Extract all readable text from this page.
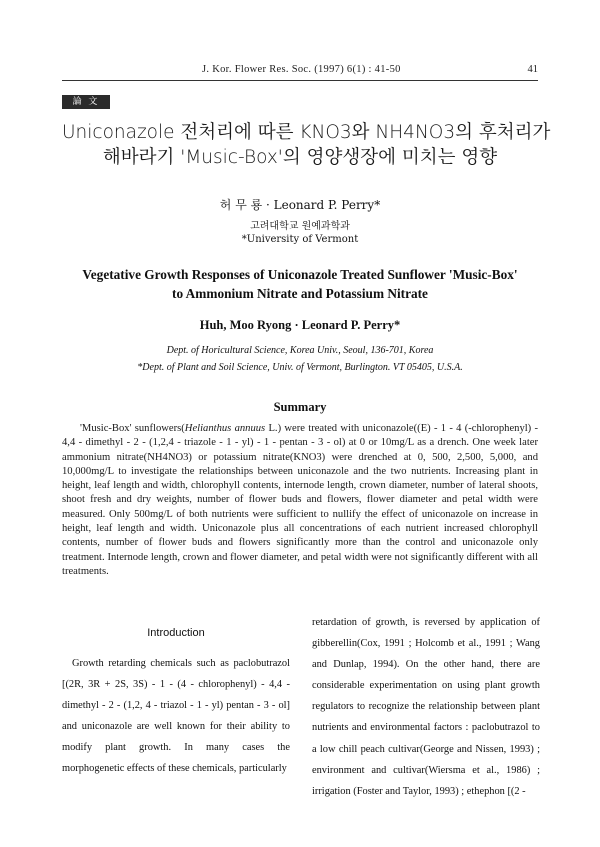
J. Kor. Flower Res. Soc. (1997) 6(1) : 41-50	41
論 文
Uniconazole 전처리에 따른 KNO3와 NH4NO3의 후처리가
해바라기 'Music-Box'의 영양생장에 미치는 영향
허 무 룡 · Leonard P. Perry*
고려대학교 원예과학과
*University of Vermont
Vegetative Growth Responses of Uniconazole Treated Sunflower 'Music-Box'
to Ammonium Nitrate and Potassium Nitrate
Huh, Moo Ryong · Leonard P. Perry*
Dept. of Horicultural Science, Korea Univ., Seoul, 136-701, Korea
*Dept. of Plant and Soil Science, Univ. of Vermont, Burlington. VT 05405, U.S.A.
Summary

'Music-Box' sunflowers(Helianthus annuus L.) were treated with uniconazole((E) - 1 - 4 (-chlorophenyl) - 4,4 - dimethyl - 2 - (1,2,4 - triazole - 1 - yl) - 1 - pentan - 3 - ol) at 0 or 10mg/L as a drench. One week later ammonium nitrate(NH4NO3) or potassium nitrate(KNO3) were drenched at 0, 500, 2,500, 5,000, and 10,000mg/L to investigate the relationships between uniconazole and the two nutrients. Increasing plant in height, leaf length and width, chlorophyll contents, internode length, crown diameter, number of lateral shoots, shoot fresh and dry weights, number of flower buds and flowers, flower diameter and petal width were measured. Only 500mg/L of both nutrients were sufficient to nullify the effect of uniconazole on increase in height, leaf length and width. Uniconazole plus all concentrations of each nutrient increased chlorophyll contents, number of flower buds and flowers significantly more than the control and uniconazole only treatment. Internode length, crown and flower diameter, and petal width were not significantly different with all treatments.

Introduction

Growth retarding chemicals such as paclobutrazol [(2R, 3R + 2S, 3S) - 1 - (4 - chlorophenyl) - 4,4 - dimethyl - 2 - (1,2, 4 - triazol - 1 - yl) pentan - 3 - ol] and uniconazole are well known for their ability to modify plant growth. In many cases the morphogenetic effects of these chemicals, particularly

retardation of growth, is reversed by application of gibberellin(Cox, 1991 ; Holcomb et al., 1991 ; Wang and Dunlap, 1994). On the other hand, there are considerable experimentation on using plant growth regulators to recognize the relationship between plant nutrients and environmental factors : paclobutrazol to a low chill peach cultivar(George and Nissen, 1993) ; environment and cultivar(Wiersma et al., 1986) ; irrigation (Foster and Taylor, 1993) ; ethephon [(2 -
